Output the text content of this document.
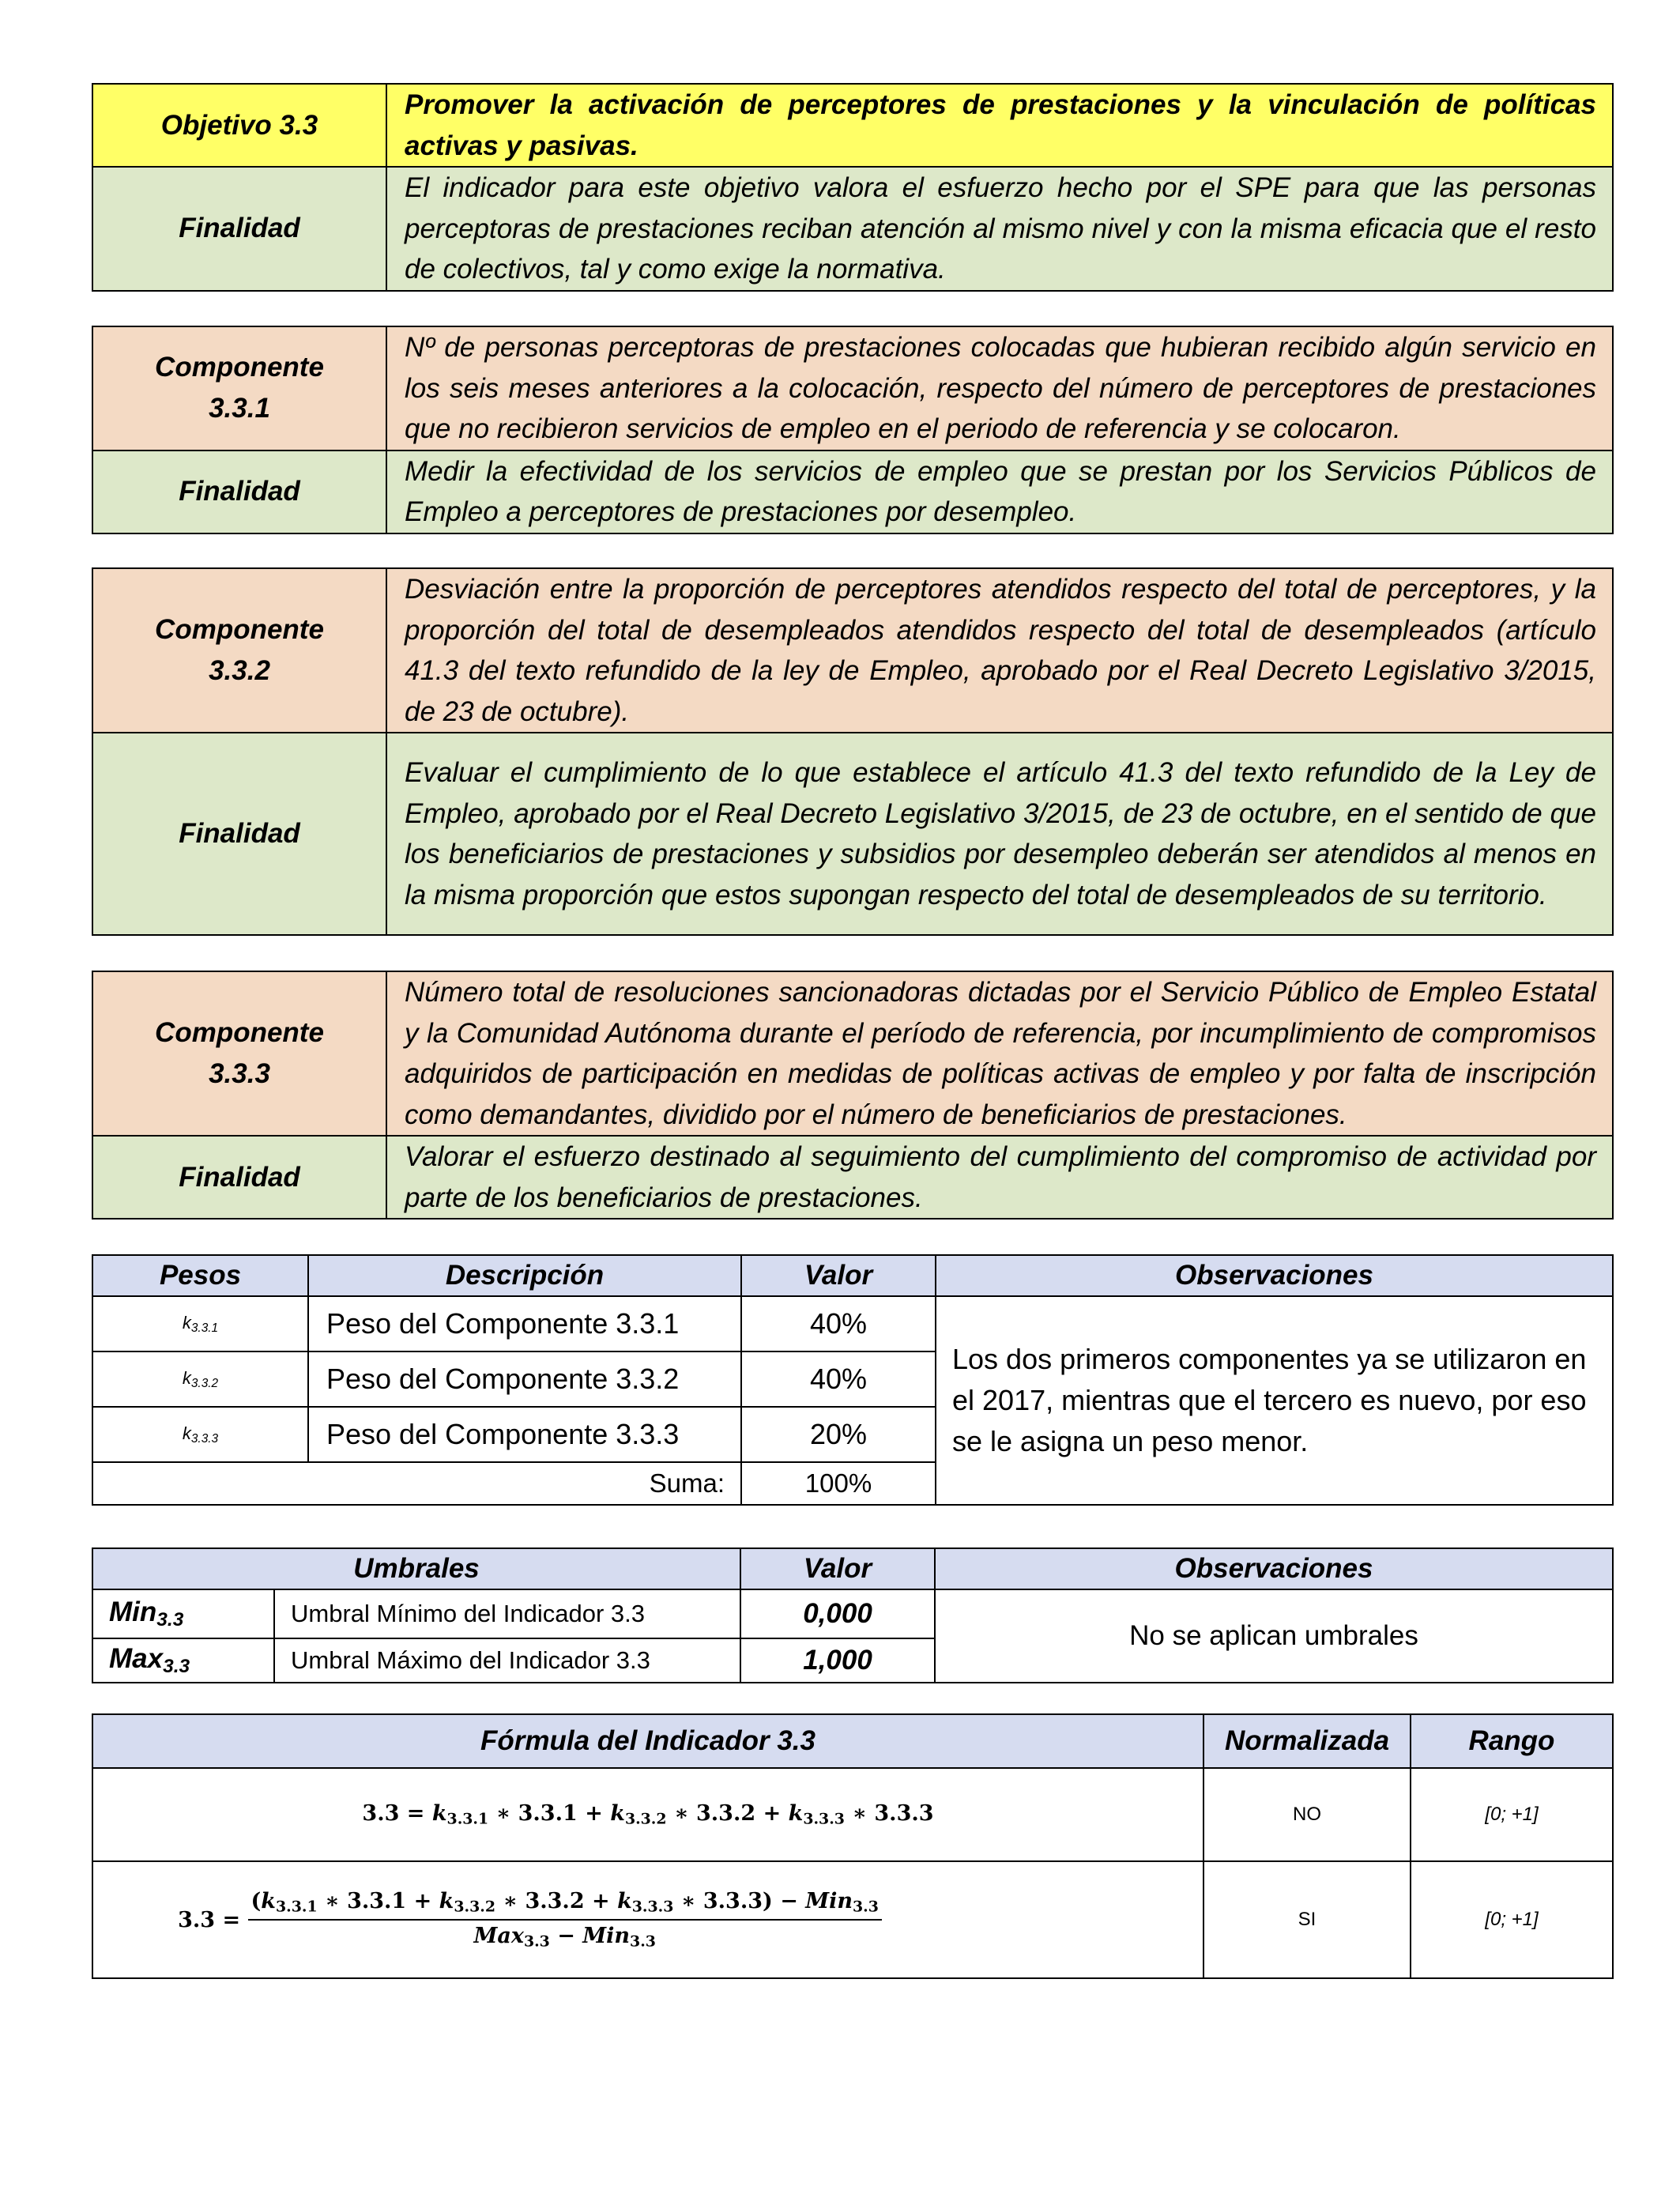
Objetivo 3.3	Promover la activación de perceptores de prestaciones y la vinculación de políticas activas y pasivas.
Finalidad	El indicador para este objetivo valora el esfuerzo hecho por el SPE para que las personas perceptoras de prestaciones reciban atención al mismo nivel y con la misma eficacia que el resto de colectivos, tal y como exige la normativa.
Componente
3.3.1	Nº de personas perceptoras de prestaciones colocadas que hubieran recibido algún servicio en los seis meses anteriores a la colocación, respecto del número de perceptores de prestaciones que no recibieron servicios de empleo en el periodo de referencia y se colocaron.
Finalidad	Medir la efectividad de los servicios de empleo que se prestan por los Servicios Públicos de Empleo a perceptores de prestaciones por desempleo.
Componente
3.3.2	Desviación entre la proporción de perceptores atendidos respecto del total de perceptores, y la proporción del total de desempleados atendidos respecto del total de desempleados (artículo 41.3 del texto refundido de la ley de Empleo, aprobado por el Real Decreto Legislativo 3/2015, de 23 de octubre).
Finalidad	Evaluar el cumplimiento de lo que establece el artículo 41.3 del texto refundido de la Ley de Empleo, aprobado por el Real Decreto Legislativo 3/2015, de 23 de octubre, en el sentido de que los beneficiarios de prestaciones y subsidios por desempleo deberán ser atendidos al menos en la misma proporción que estos supongan respecto del total de desempleados de su territorio.
Componente
3.3.3	Número total de resoluciones sancionadoras dictadas por el Servicio Público de Empleo Estatal y la Comunidad Autónoma durante el período de referencia, por incumplimiento de compromisos adquiridos de participación en medidas de políticas activas de empleo y por falta de inscripción como demandantes, dividido por el número de beneficiarios de prestaciones.
Finalidad	Valorar el esfuerzo destinado al seguimiento del cumplimiento del compromiso de actividad por parte de los beneficiarios de prestaciones.
Pesos	Descripción	Valor	Observaciones
$k_{3.3.1}$	Peso del Componente 3.3.1	40%	Los dos primeros componentes ya se utilizaron en el 2017, mientras que el tercero es nuevo, por eso se le asigna un peso menor.
$k_{3.3.2}$	Peso del Componente 3.3.2	40%	
$k_{3.3.3}$	Peso del Componente 3.3.3	20%	
Suma:		100%	
Umbrales		Valor	Observaciones
Min$_{3.3}$	Umbral Mínimo del Indicador 3.3	0,000	No se aplican umbrales
Max$_{3.3}$	Umbral Máximo del Indicador 3.3	1,000	
Fórmula del Indicador 3.3	Normalizada	Rango
$3.3 = k_{3.3.1}$ ∗ $3.3.1 + k_{3.3.2}$ ∗ $3.3.2 + k_{3.3.3}$ ∗ 3.3.3	NO	[0; +1]
3.3 =
($k_{3.3.1}$ ∗ $3.3.1 + k_{3.3.2}$ ∗ $3.3.2 + k_{3.3.3}$ ∗ 3.3.3) − Min$_{3.3}$
Max$_{3.3}$ − Min$_{3.3}$	SI	[0; +1]
